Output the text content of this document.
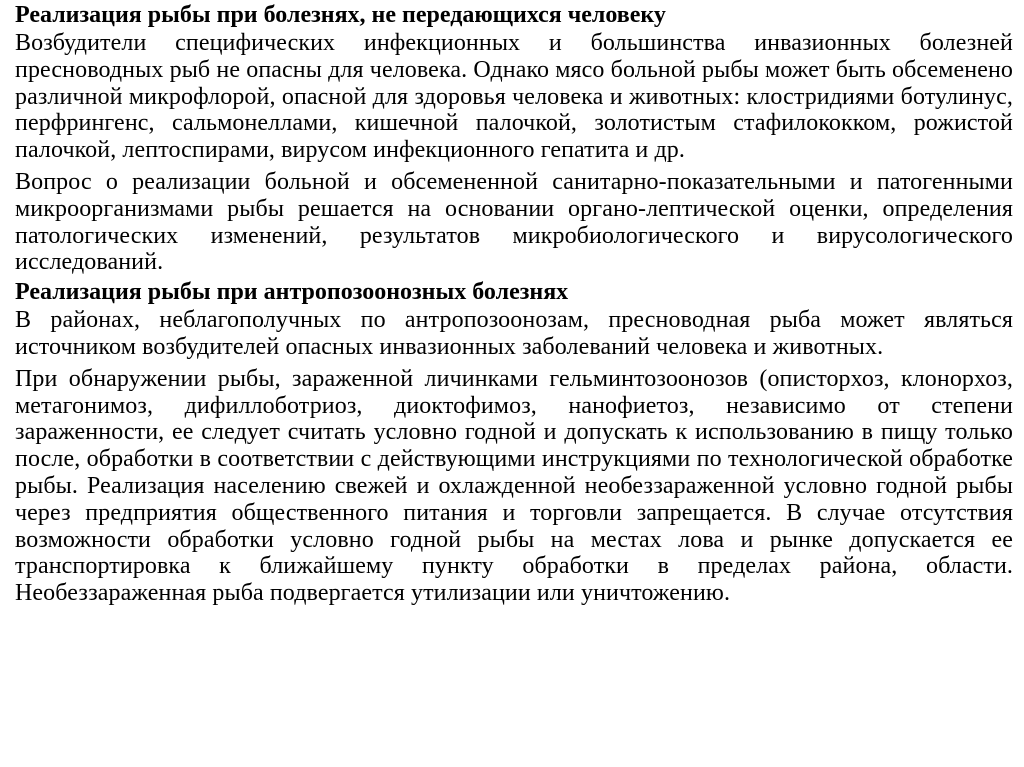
Реализация рыбы при болезнях, не передающихся человеку
Возбудители специфических инфекционных и большинства инвазионных болезней пресноводных рыб не опасны для человека. Однако мясо больной рыбы может быть обсеменено различной микрофлорой, опасной для здоровья человека и животных: клостридиями ботулинус, перфрингенс, сальмонеллами, кишечной палочкой, золотистым стафилококком, рожистой палочкой, лептоспирами, вирусом инфекционного гепатита и др.
Вопрос о реализации больной и обсемененной санитарно-показательными и патогенными микроорганизмами рыбы решается на основании органо-лептической оценки, определения патологических изменений, результатов микробиологического и вирусологического исследований.
Реализация рыбы при антропозоонозных болезнях
В районах, неблагополучных по антропозоонозам, пресноводная рыба может являться источником возбудителей опасных инвазионных заболеваний человека и животных.
При обнаружении рыбы, зараженной личинками гельминтозоонозов (описторхоз, клонорхоз, метагонимоз, дифиллоботриоз, диоктофимоз, нанофиетоз, независимо от степени зараженности, ее следует считать условно годной и допускать к использованию в пищу только после, обработки в соответствии с действующими инструкциями по технологической обработке рыбы. Реализация населению свежей и охлажденной необеззараженной условно годной рыбы через предприятия общественного питания и торговли запрещается. В случае отсутствия возможности обработки условно годной рыбы на местах лова и рынке допускается ее транспортировка к ближайшему пункту обработки в пределах района, области. Необеззараженная рыба подвергается утилизации или уничтожению.
